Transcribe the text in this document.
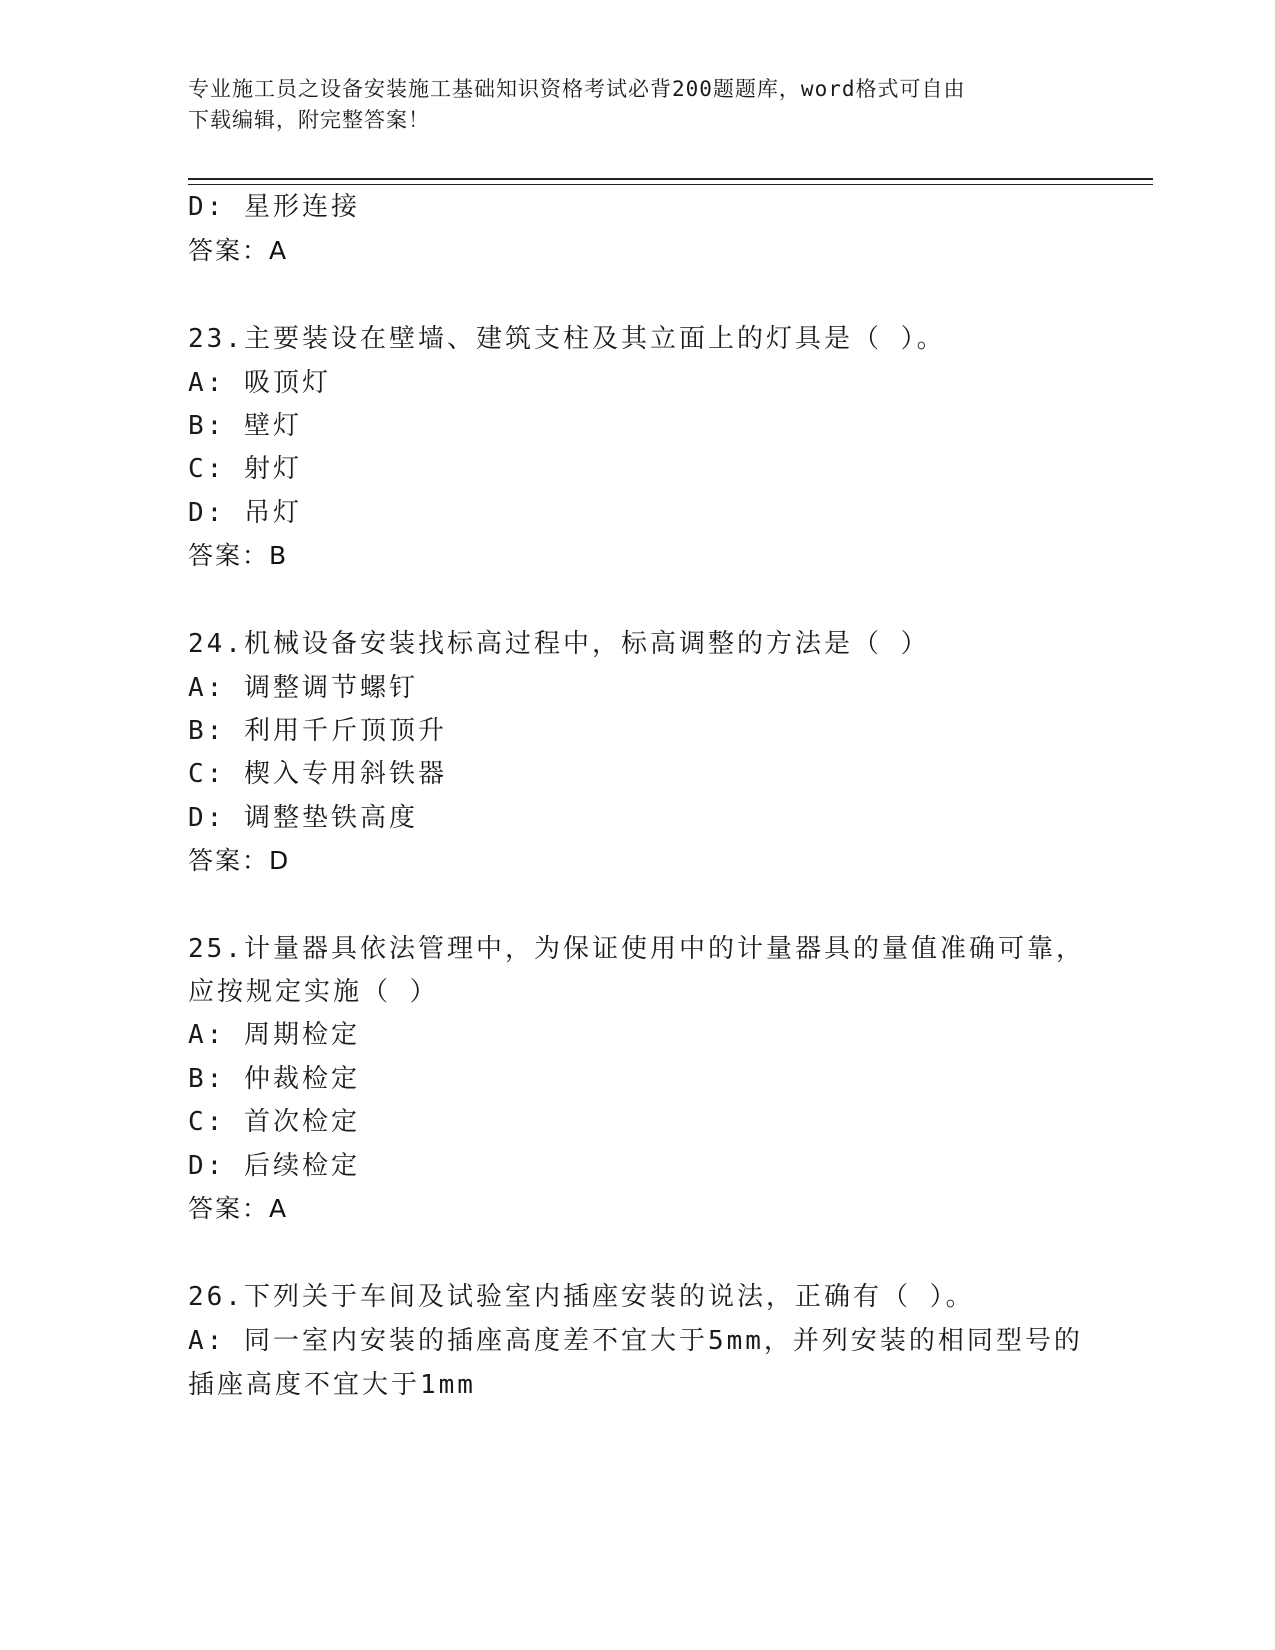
专业施工员之设备安装施工基础知识资格考试必背200题题库，word格式可自由
下载编辑，附完整答案！
D: 星形连接
答案：A
23.主要装设在壁墙、建筑支柱及其立面上的灯具是（ ）。
A: 吸顶灯
B: 壁灯
C: 射灯
D: 吊灯
答案：B
24.机械设备安装找标高过程中，标高调整的方法是（ ）
A: 调整调节螺钉
B: 利用千斤顶顶升
C: 楔入专用斜铁器
D: 调整垫铁高度
答案：D
25.计量器具依法管理中，为保证使用中的计量器具的量值准确可靠，
应按规定实施（ ）
A: 周期检定
B: 仲裁检定
C: 首次检定
D: 后续检定
答案：A
26.下列关于车间及试验室内插座安装的说法，正确有（ ）。
A: 同一室内安装的插座高度差不宜大于5mm，并列安装的相同型号的
插座高度不宜大于1mm
